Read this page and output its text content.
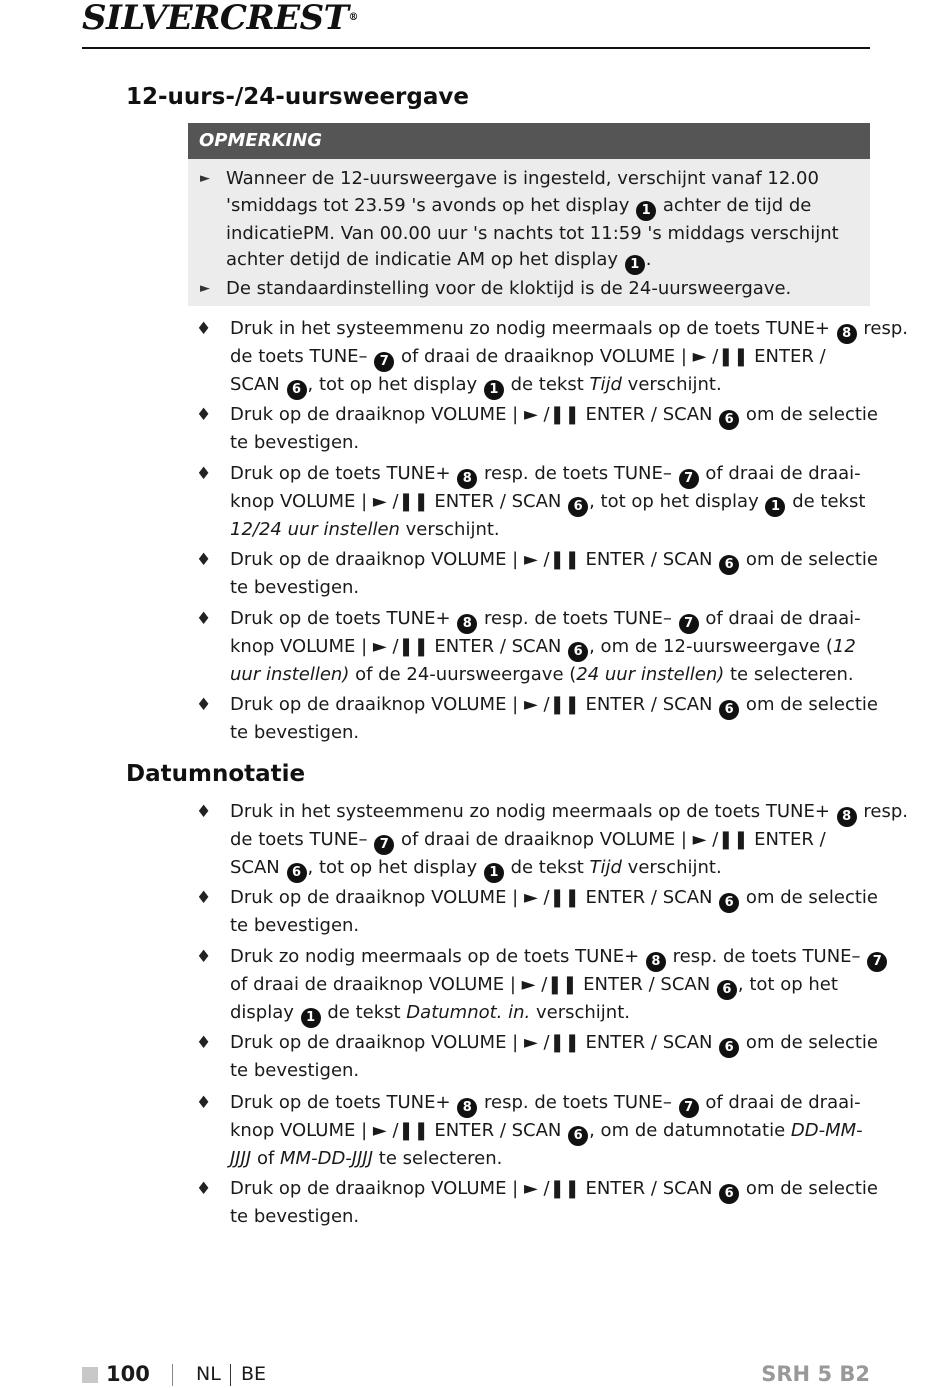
SILVERCREST®
12-uurs-/24-uursweergave
OPMERKING
► Wanneer de 12-uursweergave is ingesteld, verschijnt vanaf 12.00 'smiddags tot 23.59 's avonds op het display 1 achter de tijd de indicatiePM. Van 00.00 uur 's nachts tot 11:59 's middags verschijnt achter detijd de indicatie AM op het display 1 .
► De standaardinstelling voor de kloktijd is de 24-uursweergave.
♦ Druk in het systeemmenu zo nodig meermaals op de toets TUNE+ 8 resp.
de toets TUNE– 7 of draai de draaiknop VOLUME | ► /❚❚ ENTER /
SCAN 6 , tot op het display 1 de tekst Tijd verschijnt.
♦ Druk op de draaiknop VOLUME | ► /❚❚ ENTER / SCAN 6 om de selectie
te bevestigen.
♦ Druk op de toets TUNE+ 8 resp. de toets TUNE– 7 of draai de draai-
knop VOLUME | ► /❚❚ ENTER / SCAN 6 , tot op het display 1 de tekst
12/24 uur instellen verschijnt.
♦ Druk op de draaiknop VOLUME | ► /❚❚ ENTER / SCAN 6 om de selectie
te bevestigen.
♦ Druk op de toets TUNE+ 8 resp. de toets TUNE– 7 of draai de draai-
knop VOLUME | ► /❚❚ ENTER / SCAN 6 , om de 12-uursweergave (12
uur instellen) of de 24-uursweergave (24 uur instellen) te selecteren.
♦ Druk op de draaiknop VOLUME | ► /❚❚ ENTER / SCAN 6 om de selectie
te bevestigen.
Datumnotatie
♦ Druk in het systeemmenu zo nodig meermaals op de toets TUNE+ 8 resp.
de toets TUNE– 7 of draai de draaiknop VOLUME | ► /❚❚ ENTER /
SCAN 6 , tot op het display 1 de tekst Tijd verschijnt.
♦ Druk op de draaiknop VOLUME | ► /❚❚ ENTER / SCAN 6 om de selectie
te bevestigen.
♦ Druk zo nodig meermaals op de toets TUNE+ 8 resp. de toets TUNE– 7
of draai de draaiknop VOLUME | ► /❚❚ ENTER / SCAN 6 , tot op het
display 1 de tekst Datumnot. in. verschijnt.
♦ Druk op de draaiknop VOLUME | ► /❚❚ ENTER / SCAN 6 om de selectie
te bevestigen.
♦ Druk op de toets TUNE+ 8 resp. de toets TUNE– 7 of draai de draai-
knop VOLUME | ► /❚❚ ENTER / SCAN 6 , om de datumnotatie DD-MM-
JJJJ of MM-DD-JJJJ te selecteren.
♦ Druk op de draaiknop VOLUME | ► /❚❚ ENTER / SCAN 6 om de selectie
te bevestigen.
100 NL BE	SRH 5 B2
